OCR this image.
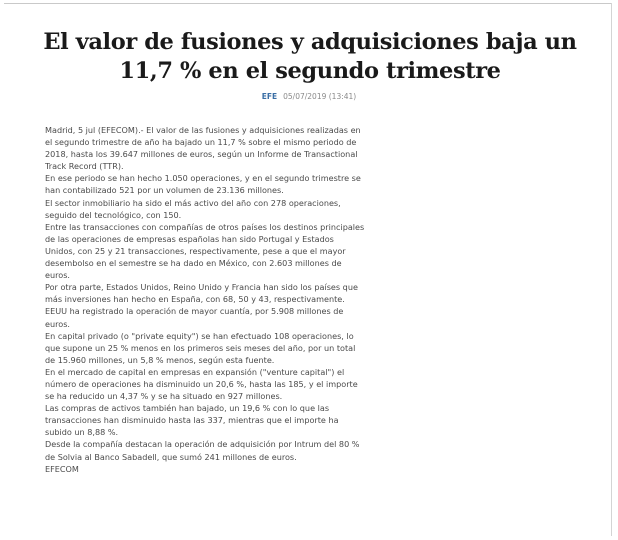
El valor de fusiones y adquisiciones baja un
11,7 % en el segundo trimestre
EFE 05/07/2019 (13:41)

Madrid, 5 jul (EFECOM).- El valor de las fusiones y adquisiciones realizadas en el segundo trimestre de año ha bajado un 11,7 % sobre el mismo periodo de 2018, hasta los 39.647 millones de euros, según un Informe de Transactional Track Record (TTR).

En ese periodo se han hecho 1.050 operaciones, y en el segundo trimestre se han contabilizado 521 por un volumen de 23.136 millones.

El sector inmobiliario ha sido el más activo del año con 278 operaciones, seguido del tecnológico, con 150.

Entre las transacciones con compañías de otros países los destinos principales de las operaciones de empresas españolas han sido Portugal y Estados Unidos, con 25 y 21 transacciones, respectivamente, pese a que el mayor desembolso en el semestre se ha dado en México, con 2.603 millones de euros.

Por otra parte, Estados Unidos, Reino Unido y Francia han sido los países que más inversiones han hecho en España, con 68, 50 y 43, respectivamente. EEUU ha registrado la operación de mayor cuantía, por 5.908 millones de euros.

En capital privado (o "private equity") se han efectuado 108 operaciones, lo que supone un 25 % menos en los primeros seis meses del año, por un total de 15.960 millones, un 5,8 % menos, según esta fuente.

En el mercado de capital en empresas en expansión ("venture capital") el número de operaciones ha disminuido un 20,6 %, hasta las 185, y el importe se ha reducido un 4,37 % y se ha situado en 927 millones.

Las compras de activos también han bajado, un 19,6 % con lo que las transacciones han disminuido hasta las 337, mientras que el importe ha subido un 8,88 %.

Desde la compañía destacan la operación de adquisición por Intrum del 80 % de Solvia al Banco Sabadell, que sumó 241 millones de euros.

EFECOM
